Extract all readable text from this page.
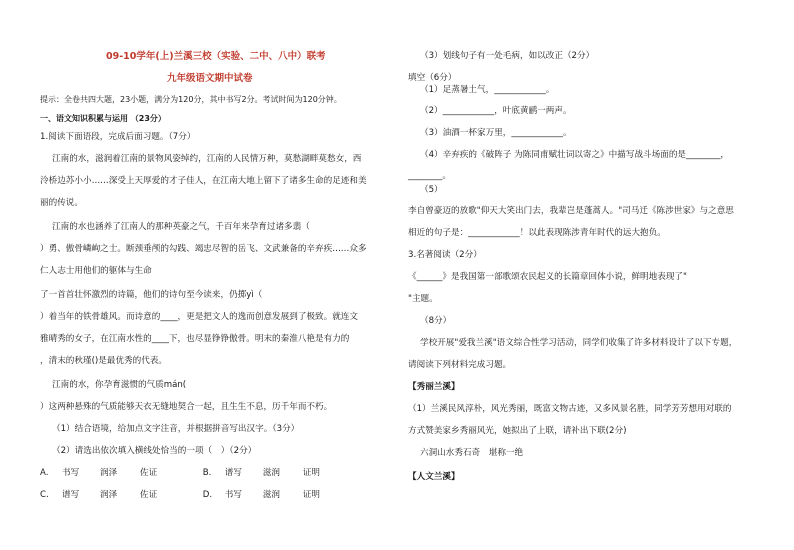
09-10学年(上)兰溪三校（实验、二中、八中）联考
九年级语文期中试卷
提示：全卷共四大题，23小题，满分为120分，其中书写2分。考试时间为120分钟。
一、语文知识积累与运用 （23分）
1.阅读下面语段，完成后面习题。（7分）
江南的水，滋润着江南的景物风姿绰约，江南的人民情万种，莫愁湖畔莫愁女，西
泠桥边苏小小……深受上天厚爱的才子佳人，在江南大地上留下了诸多生命的足迹和美
丽的传说。
江南的水也涵养了江南人的那种英豪之气，千百年来孕育过诸多翡（
）勇、傲骨嶙峋之士。断颈垂颅的勾践、竭忠尽智的岳飞、文武兼备的辛弃疾……众多
仁人志士用他们的躯体与生命
了一首首壮怀激烈的诗篇，他们的诗句至今读来，仍掷yì（
）着当年的铁骨雄风。而诗意的____，更是把文人的逸而创意发展到了极致。就连文
雅晴秀的女子，在江南水性的____下，也尽显铮铮傲骨。明末的秦淮八艳是有力的
，清末的秋瑾()是最优秀的代表。
江南的水，你孕育滋惯的气质mán(
）这两种悬殊的气质能够天衣无缝地契合一起，且生生不息，历千年而不朽。
（1）结合语境，给加点文字注音，并根据拼音写出汉字。（3分）
（2）请选出依次填入横线处恰当的一项（　）（2分）
A. 书写 润泽	佐证	B. 谱写 滋润	证明
C. 谱写 润泽	佐证	D. 书写 滋润	证明
（3）划线句子有一处毛病，如以改正（2分）
填空（6分）
（1）足蒸暑土气，____________。
（2）____________，叶底黄鹂一两声。
（3）油酒一杯家万里，____________。
（4）辛弃疾的《破阵子 为陈同甫赋壮词以寄之》中描写战斗场面的是________，
________。
（5）
李自曾豪迈的放歌"仰天大笑出门去，我辈岂是蓬蒿人。"司马迁《陈涉世家》与之意思
相近的句子是：____________！以此表现陈涉青年时代的远大抱负。
3.名著阅读（2分）
《______》是我国第一部歌颂农民起义的长篇章回体小说，鲜明地表现了"
"主题。
（8分）
学校开展"爱我兰溪"语文综合性学习活动，同学们收集了许多材料设计了以下专题，
请阅读下列材料完成习题。
【秀丽兰溪】
（1）兰溪民风淳朴，风光秀丽，既富文物古迹，又多风景名胜，同学芳芳想用对联的
方式赞美家乡秀丽风光，她拟出了上联，请补出下联(2分)
六洞山水秀石奇　堪称一绝
【人文兰溪】
